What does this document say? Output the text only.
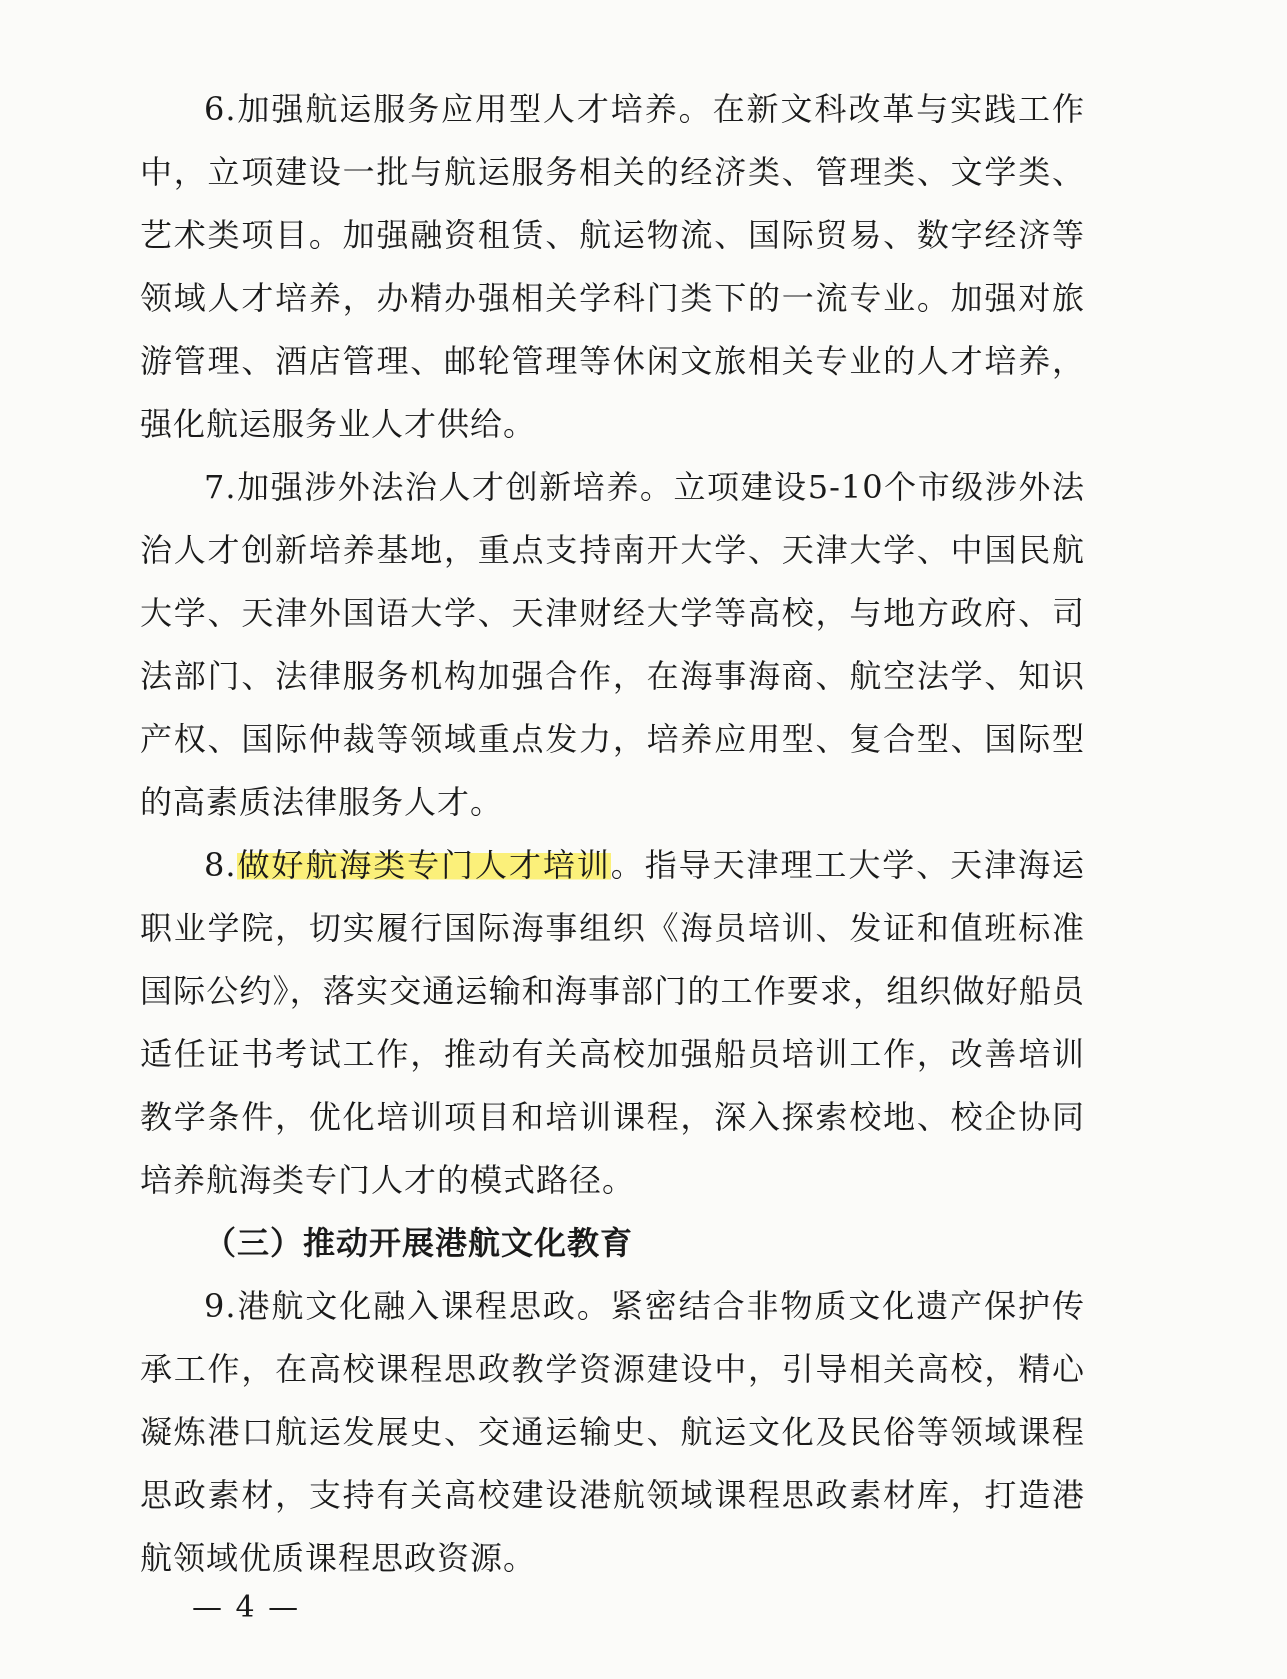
6.加强航运服务应用型人才培养。在新文科改革与实践工作中，立项建设一批与航运服务相关的经济类、管理类、文学类、艺术类项目。加强融资租赁、航运物流、国际贸易、数字经济等领域人才培养，办精办强相关学科门类下的一流专业。加强对旅游管理、酒店管理、邮轮管理等休闲文旅相关专业的人才培养，强化航运服务业人才供给。

7.加强涉外法治人才创新培养。立项建设5-10个市级涉外法治人才创新培养基地，重点支持南开大学、天津大学、中国民航大学、天津外国语大学、天津财经大学等高校，与地方政府、司法部门、法律服务机构加强合作，在海事海商、航空法学、知识产权、国际仲裁等领域重点发力，培养应用型、复合型、国际型的高素质法律服务人才。

8.做好航海类专门人才培训。指导天津理工大学、天津海运职业学院，切实履行国际海事组织《海员培训、发证和值班标准国际公约》，落实交通运输和海事部门的工作要求，组织做好船员适任证书考试工作，推动有关高校加强船员培训工作，改善培训教学条件，优化培训项目和培训课程，深入探索校地、校企协同培养航海类专门人才的模式路径。

（三）推动开展港航文化教育

9.港航文化融入课程思政。紧密结合非物质文化遗产保护传承工作，在高校课程思政教学资源建设中，引导相关高校，精心凝炼港口航运发展史、交通运输史、航运文化及民俗等领域课程思政素材，支持有关高校建设港航领域课程思政素材库，打造港航领域优质课程思政资源。

— 4 —
